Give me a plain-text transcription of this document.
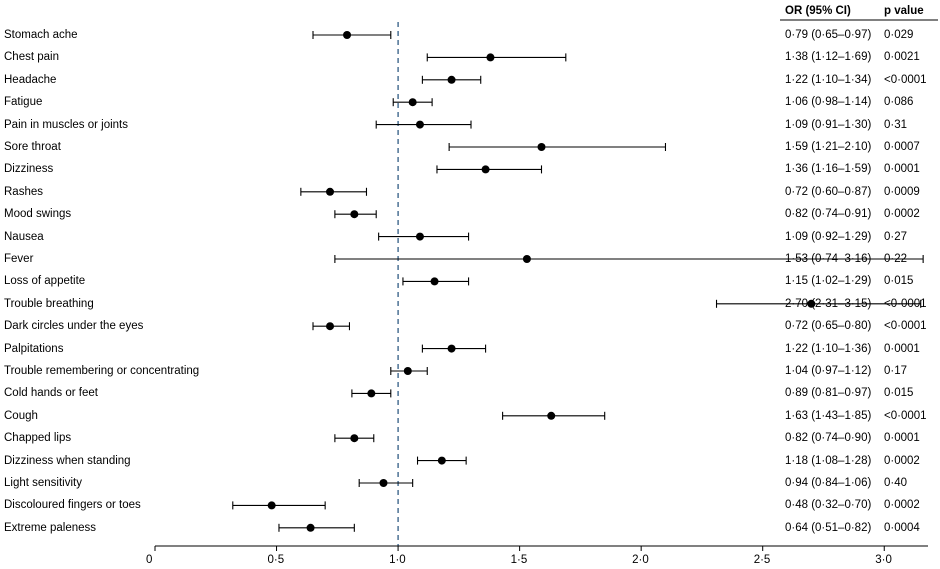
0	0·5	1·0	1·5	2·0	2·5	3·0
OR (95% CI)	p value
Stomach ache	0·79 (0·65–0·97) 0·029
Chest pain	1·38 (1·12–1·69) 0·0021
Headache	1·22 (1·10–1·34) <0·0001
Fatigue	1·06 (0·98–1·14) 0·086
Pain in muscles or joints	1·09 (0·91–1·30) 0·31
Sore throat	1·59 (1·21–2·10) 0·0007
Dizziness	1·36 (1·16–1·59) 0·0001
Rashes	0·72 (0·60–0·87) 0·0009
Mood swings	0·82 (0·74–0·91) 0·0002
Nausea	1·09 (0·92–1·29) 0·27
Fever	1·53 (0·74–3·16) 0·22
Loss of appetite	1·15 (1·02–1·29) 0·015
Trouble breathing	2·70 (2·31–3·15) <0·0001
Dark circles under the eyes	0·72 (0·65–0·80) <0·0001
Palpitations	1·22 (1·10–1·36) 0·0001
Trouble remembering or concentrating	1·04 (0·97–1·12) 0·17
Cold hands or feet	0·89 (0·81–0·97) 0·015
Cough	1·63 (1·43–1·85) <0·0001
Chapped lips	0·82 (0·74–0·90) 0·0001
Dizziness when standing	1·18 (1·08–1·28) 0·0002
Light sensitivity	0·94 (0·84–1·06) 0·40
Discoloured fingers or toes	0·48 (0·32–0·70) 0·0002
Extreme paleness	0·64 (0·51–0·82) 0·0004
